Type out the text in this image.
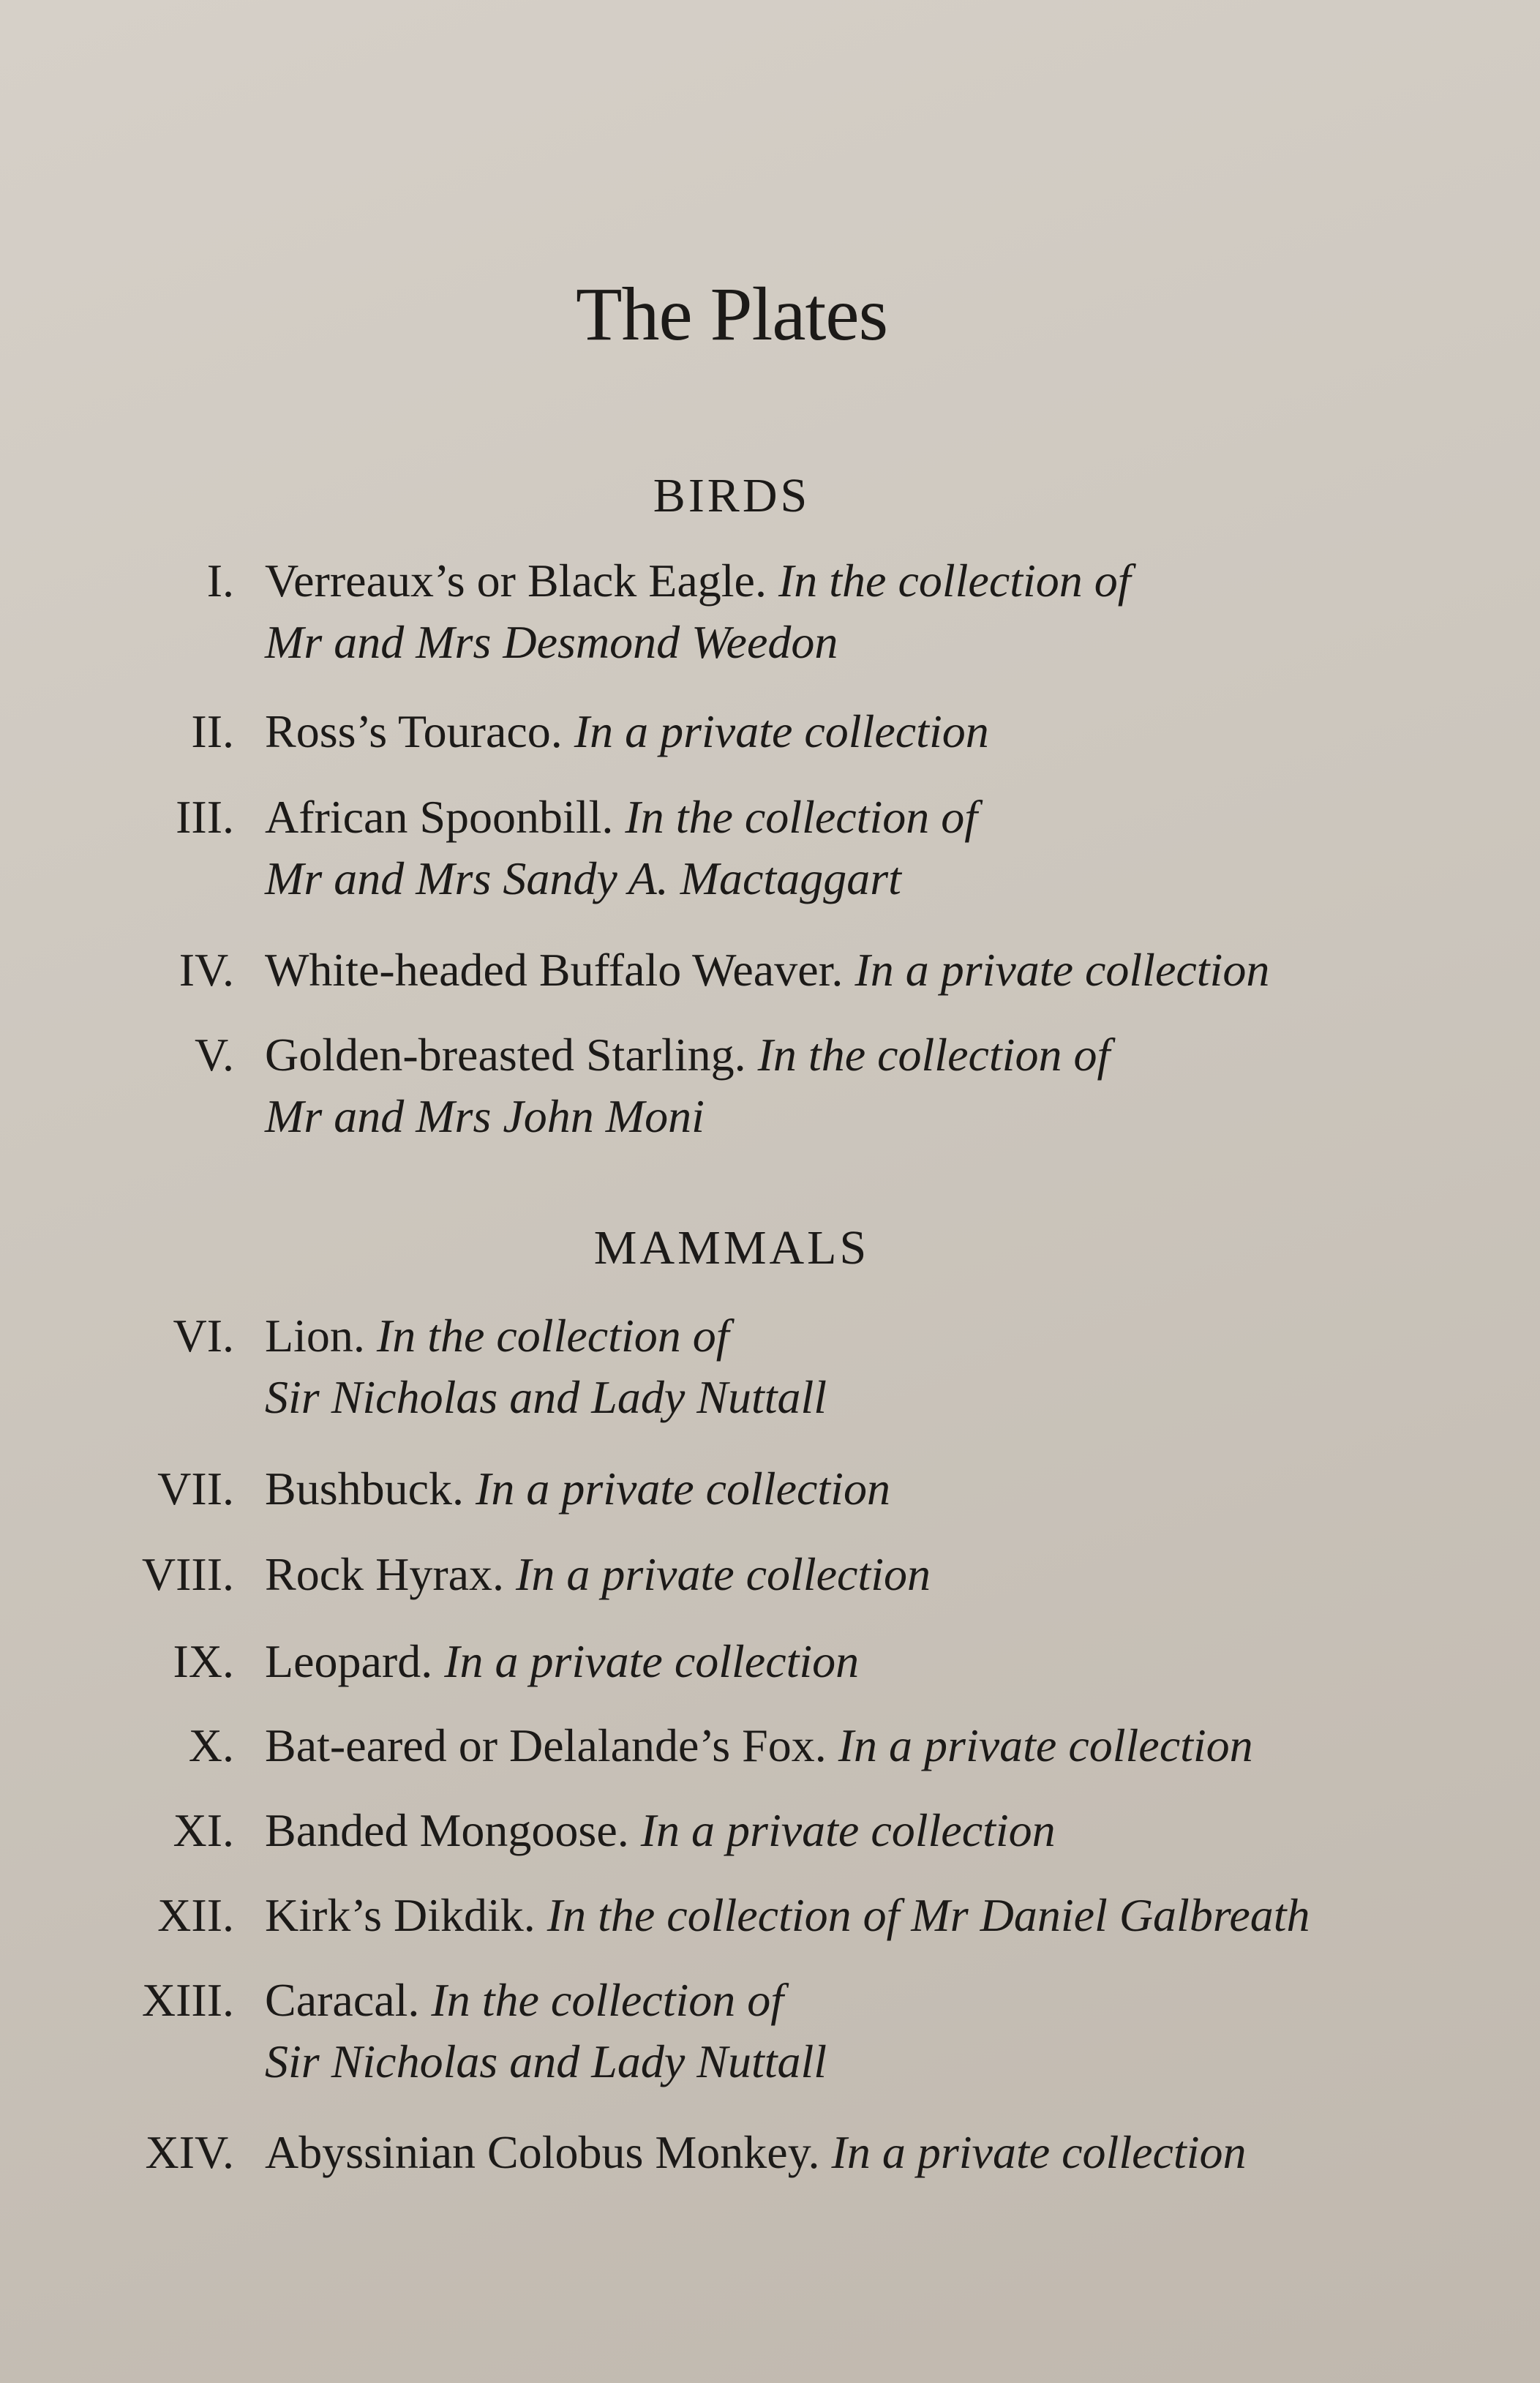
The Plates
BIRDS
I. Verreaux’s or Black Eagle. In the collection of
Mr and Mrs Desmond Weedon
II. Ross’s Touraco. In a private collection
III. African Spoonbill. In the collection of
Mr and Mrs Sandy A. Mactaggart
IV. White-headed Buffalo Weaver. In a private collection
V. Golden-breasted Starling. In the collection of
Mr and Mrs John Moni
MAMMALS
VI. Lion. In the collection of
Sir Nicholas and Lady Nuttall
VII. Bushbuck. In a private collection
VIII. Rock Hyrax. In a private collection
IX. Leopard. In a private collection
X. Bat-eared or Delalande’s Fox. In a private collection
XI. Banded Mongoose. In a private collection
XII. Kirk’s Dikdik. In the collection of Mr Daniel Galbreath
XIII. Caracal. In the collection of
Sir Nicholas and Lady Nuttall
XIV. Abyssinian Colobus Monkey. In a private collection
